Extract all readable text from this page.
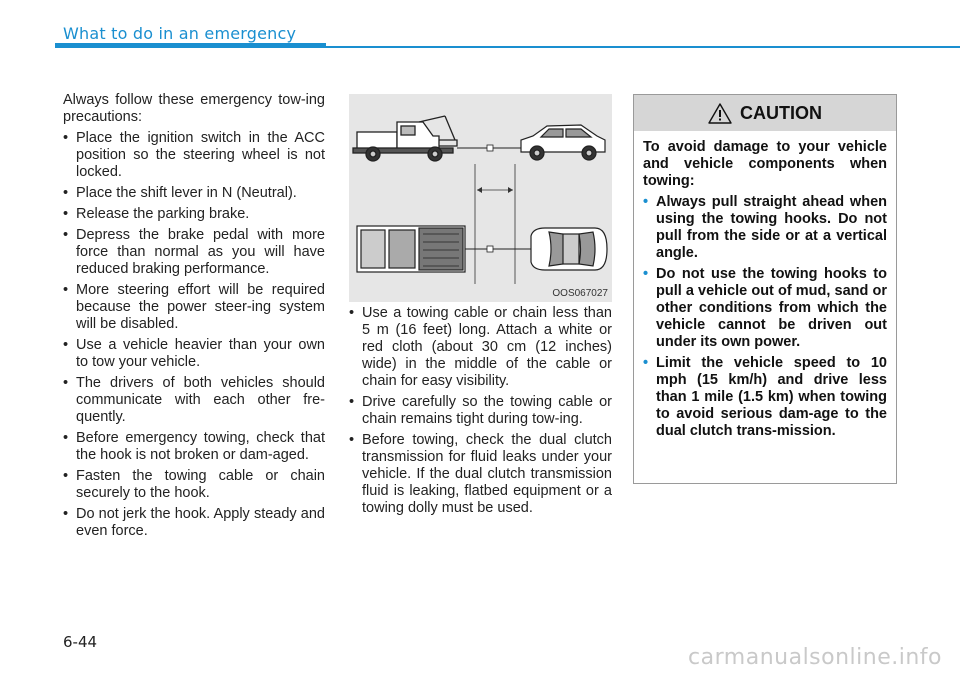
What to do in an emergency

Always follow these emergency tow-ing precautions:

• Place the ignition switch in the ACC position so the steering wheel is not locked.
• Place the shift lever in N (Neutral).
• Release the parking brake.
• Depress the brake pedal with more force than normal as you will have reduced braking performance.
• More steering effort will be required because the power steer-ing system will be disabled.
• Use a vehicle heavier than your own to tow your vehicle.
• The drivers of both vehicles should communicate with each other fre-quently.
• Before emergency towing, check that the hook is not broken or dam-aged.
• Fasten the towing cable or chain securely to the hook.
• Do not jerk the hook. Apply steady and even force.
OOS067027
• Use a towing cable or chain less than 5 m (16 feet) long. Attach a white or red cloth (about 30 cm (12 inches) wide) in the middle of the cable or chain for easy visibility.
• Drive carefully so the towing cable or chain remains tight during tow-ing.
• Before towing, check the dual clutch transmission for fluid leaks under your vehicle. If the dual clutch transmission fluid is leaking, flatbed equipment or a towing dolly must be used.
CAUTION

To avoid damage to your vehicle and vehicle components when towing:

• Always pull straight ahead when using the towing hooks. Do not pull from the side or at a vertical angle.
• Do not use the towing hooks to pull a vehicle out of mud, sand or other conditions from which the vehicle cannot be driven out under its own power.
• Limit the vehicle speed to 10 mph (15 km/h) and drive less than 1 mile (1.5 km) when towing to avoid serious dam-age to the dual clutch trans-mission.
6-44
carmanualsonline.info
